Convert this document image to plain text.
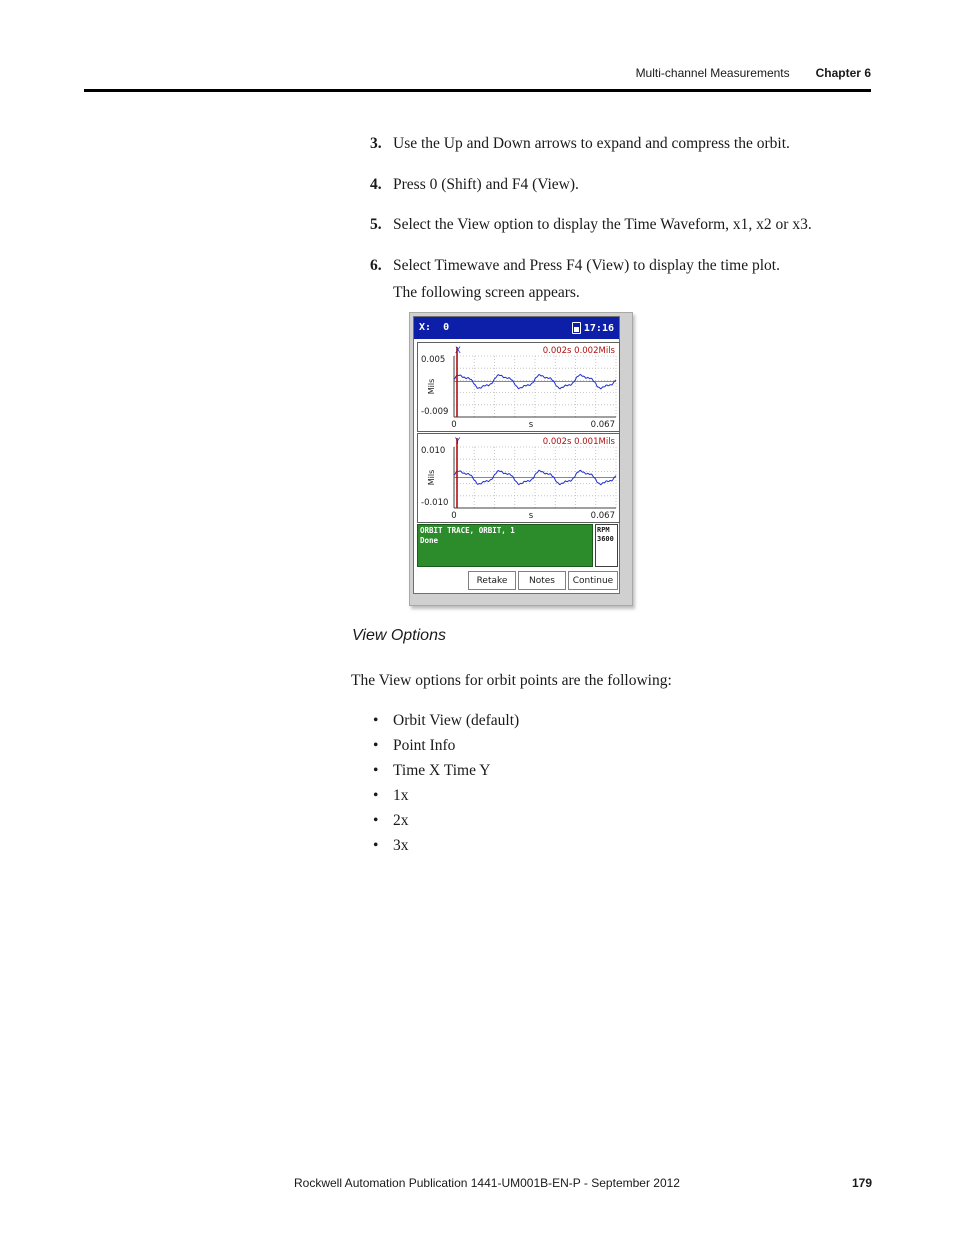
Multi-channel Measurements Chapter 6
3. Use the Up and Down arrows to expand and compress the orbit.
4. Press 0 (Shift) and F4 (View).
5. Select the View option to display the Time Waveform, x1, x2 or x3.
6. Select Timewave and Press F4 (View) to display the time plot.
The following screen appears.
X:  0	17:16
X	0.002s 0.002Mils
0.005
-0.009
Mils
0	s	0.067
Y	0.002s 0.001Mils
0.010
-0.010
Mils
0	s	0.067
ORBIT TRACE, ORBIT, 1
Done
RPM
3600
Retake	Notes	Continue
View Options
The View options for orbit points are the following:
• Orbit View (default)
• Point Info
• Time X Time Y
• 1x
• 2x
• 3x
Rockwell Automation Publication 1441-UM001B-EN-P - September 2012	179
